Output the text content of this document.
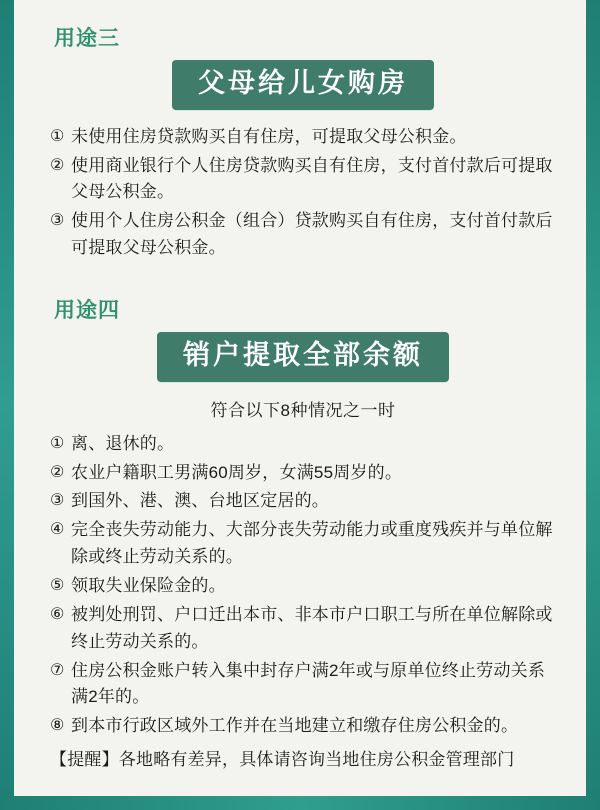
用途三
父母给儿女购房
① 未使用住房贷款购买自有住房，可提取父母公积金。
② 使用商业银行个人住房贷款购买自有住房，支付首付款后可提取父母公积金。
③ 使用个人住房公积金（组合）贷款购买自有住房，支付首付款后可提取父母公积金。
用途四
销户提取全部余额
符合以下8种情况之一时
① 离、退休的。
② 农业户籍职工男满60周岁，女满55周岁的。
③ 到国外、港、澳、台地区定居的。
④ 完全丧失劳动能力、大部分丧失劳动能力或重度残疾并与单位解除或终止劳动关系的。
⑤ 领取失业保险金的。
⑥ 被判处刑罚、户口迁出本市、非本市户口职工与所在单位解除或终止劳动关系的。
⑦ 住房公积金账户转入集中封存户满2年或与原单位终止劳动关系满2年的。
⑧ 到本市行政区域外工作并在当地建立和缴存住房公积金的。
【提醒】各地略有差异，具体请咨询当地住房公积金管理部门
